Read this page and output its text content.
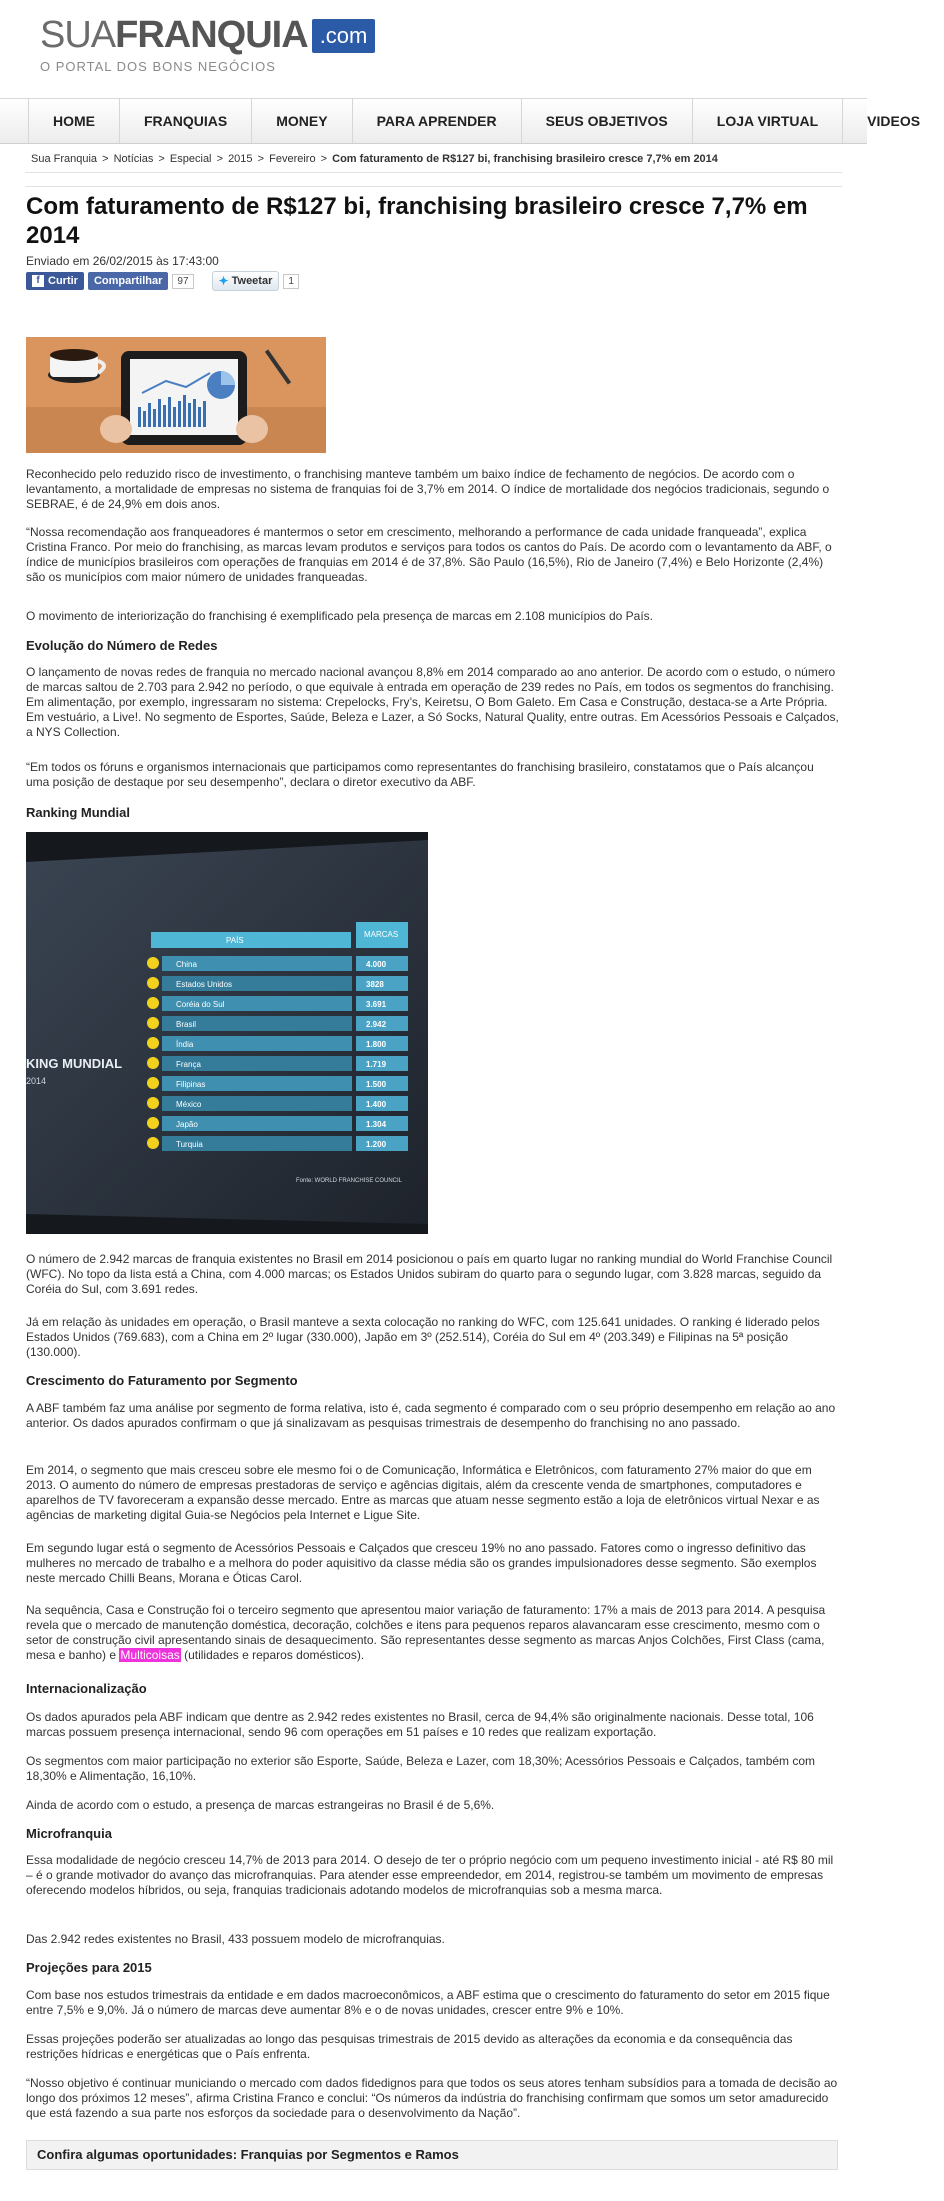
SUA FRANQUIA .com
O PORTAL DOS BONS NEGÓCIOS
HOME	FRANQUIAS	MONEY	PARA APRENDER	SEUS OBJETIVOS	LOJA VIRTUAL	VIDEOS
Sua Franquia > Notícias > Especial > 2015 > Fevereiro > Com faturamento de R$127 bi, franchising brasileiro cresce 7,7% em 2014
Com faturamento de R$127 bi, franchising brasileiro cresce 7,7% em 2014
Enviado em 26/02/2015 às 17:43:00
f Curtir	Compartilhar	97	✦ Tweetar	1

Reconhecido pelo reduzido risco de investimento, o franchising manteve também um baixo índice de fechamento de negócios. De acordo com o levantamento, a mortalidade de empresas no sistema de franquias foi de 3,7% em 2014. O índice de mortalidade dos negócios tradicionais, segundo o SEBRAE, é de 24,9% em dois anos.

“Nossa recomendação aos franqueadores é mantermos o setor em crescimento, melhorando a performance de cada unidade franqueada”, explica Cristina Franco. Por meio do franchising, as marcas levam produtos e serviços para todos os cantos do País. De acordo com o levantamento da ABF, o índice de municípios brasileiros com operações de franquias em 2014 é de 37,8%. São Paulo (16,5%), Rio de Janeiro (7,4%) e Belo Horizonte (2,4%) são os municípios com maior número de unidades franqueadas.

O movimento de interiorização do franchising é exemplificado pela presença de marcas em 2.108 municípios do País.

Evolução do Número de Redes

O lançamento de novas redes de franquia no mercado nacional avançou 8,8% em 2014 comparado ao ano anterior. De acordo com o estudo, o número de marcas saltou de 2.703 para 2.942 no período, o que equivale à entrada em operação de 239 redes no País, em todos os segmentos do franchising. Em alimentação, por exemplo, ingressaram no sistema: Crepelocks, Fry’s, Keiretsu, O Bom Galeto. Em Casa e Construção, destaca-se a Arte Própria. Em vestuário, a Live!. No segmento de Esportes, Saúde, Beleza e Lazer, a Só Socks, Natural Quality, entre outras. Em Acessórios Pessoais e Calçados, a NYS Collection.

“Em todos os fóruns e organismos internacionais que participamos como representantes do franchising brasileiro, constatamos que o País alcançou uma posição de destaque por seu desempenho”, declara o diretor executivo da ABF.

Ranking Mundial
KING MUNDIAL
2014
PAÍS
MARCAS
China	4.000
Estados Unidos	3828
Coréia do Sul	3.691
Brasil	2.942
Índia	1.800
França	1.719
Filipinas	1.500
México	1.400
Japão	1.304
Turquia	1.200
Fonte: WORLD FRANCHISE COUNCIL

O número de 2.942 marcas de franquia existentes no Brasil em 2014 posicionou o país em quarto lugar no ranking mundial do World Franchise Council (WFC). No topo da lista está a China, com 4.000 marcas; os Estados Unidos subiram do quarto para o segundo lugar, com 3.828 marcas, seguido da Coréia do Sul, com 3.691 redes.

Já em relação às unidades em operação, o Brasil manteve a sexta colocação no ranking do WFC, com 125.641 unidades. O ranking é liderado pelos Estados Unidos (769.683), com a China em 2º lugar (330.000), Japão em 3º (252.514), Coréia do Sul em 4º (203.349) e Filipinas na 5ª posição (130.000).

Crescimento do Faturamento por Segmento

A ABF também faz uma análise por segmento de forma relativa, isto é, cada segmento é comparado com o seu próprio desempenho em relação ao ano anterior. Os dados apurados confirmam o que já sinalizavam as pesquisas trimestrais de desempenho do franchising no ano passado.

Em 2014, o segmento que mais cresceu sobre ele mesmo foi o de Comunicação, Informática e Eletrônicos, com faturamento 27% maior do que em 2013. O aumento do número de empresas prestadoras de serviço e agências digitais, além da crescente venda de smartphones, computadores e aparelhos de TV favoreceram a expansão desse mercado. Entre as marcas que atuam nesse segmento estão a loja de eletrônicos virtual Nexar e as agências de marketing digital Guia-se Negócios pela Internet e Ligue Site.

Em segundo lugar está o segmento de Acessórios Pessoais e Calçados que cresceu 19% no ano passado. Fatores como o ingresso definitivo das mulheres no mercado de trabalho e a melhora do poder aquisitivo da classe média são os grandes impulsionadores desse segmento. São exemplos neste mercado Chilli Beans, Morana e Óticas Carol.

Na sequência, Casa e Construção foi o terceiro segmento que apresentou maior variação de faturamento: 17% a mais de 2013 para 2014. A pesquisa revela que o mercado de manutenção doméstica, decoração, colchões e itens para pequenos reparos alavancaram esse crescimento, mesmo com o setor de construção civil apresentando sinais de desaquecimento. São representantes desse segmento as marcas Anjos Colchões, First Class (cama, mesa e banho) e Multicoisas (utilidades e reparos domésticos).

Internacionalização

Os dados apurados pela ABF indicam que dentre as 2.942 redes existentes no Brasil, cerca de 94,4% são originalmente nacionais. Desse total, 106 marcas possuem presença internacional, sendo 96 com operações em 51 países e 10 redes que realizam exportação.

Os segmentos com maior participação no exterior são Esporte, Saúde, Beleza e Lazer, com 18,30%; Acessórios Pessoais e Calçados, também com 18,30% e Alimentação, 16,10%.

Ainda de acordo com o estudo, a presença de marcas estrangeiras no Brasil é de 5,6%.

Microfranquia

Essa modalidade de negócio cresceu 14,7% de 2013 para 2014. O desejo de ter o próprio negócio com um pequeno investimento inicial - até R$ 80 mil – é o grande motivador do avanço das microfranquias. Para atender esse empreendedor, em 2014, registrou-se também um movimento de empresas oferecendo modelos híbridos, ou seja, franquias tradicionais adotando modelos de microfranquias sob a mesma marca.

Das 2.942 redes existentes no Brasil, 433 possuem modelo de microfranquias.

Projeções para 2015

Com base nos estudos trimestrais da entidade e em dados macroeconômicos, a ABF estima que o crescimento do faturamento do setor em 2015 fique entre 7,5% e 9,0%. Já o número de marcas deve aumentar 8% e o de novas unidades, crescer entre 9% e 10%.

Essas projeções poderão ser atualizadas ao longo das pesquisas trimestrais de 2015 devido as alterações da economia e da consequência das restrições hídricas e energéticas que o País enfrenta.

“Nosso objetivo é continuar municiando o mercado com dados fidedignos para que todos os seus atores tenham subsídios para a tomada de decisão ao longo dos próximos 12 meses”, afirma Cristina Franco e conclui: “Os números da indústria do franchising confirmam que somos um setor amadurecido que está fazendo a sua parte nos esforços da sociedade para o desenvolvimento da Nação”.

Confira algumas oportunidades: Franquias por Segmentos e Ramos
